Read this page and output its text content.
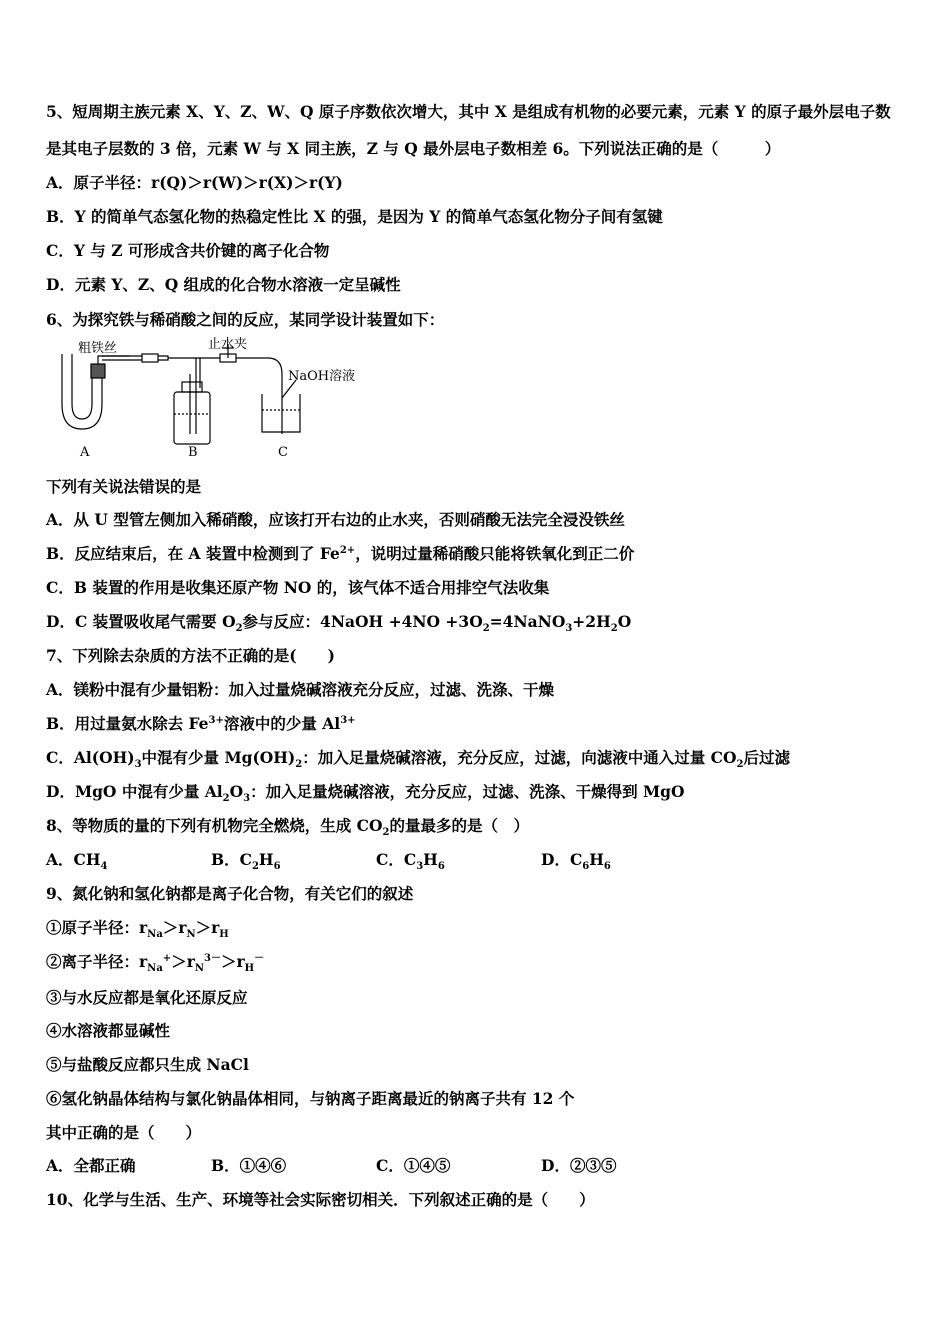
5、短周期主族元素 X、Y、Z、W、Q 原子序数依次增大，其中 X 是组成有机物的必要元素，元素 Y 的原子最外层电子数
是其电子层数的 3 倍，元素 W 与 X 同主族，Z 与 Q 最外层电子数相差 6。下列说法正确的是（　　　）
A．原子半径：r(Q)＞r(W)＞r(X)＞r(Y)
B．Y 的简单气态氢化物的热稳定性比 X 的强，是因为 Y 的简单气态氢化物分子间有氢键
C．Y 与 Z 可形成含共价键的离子化合物
D．元素 Y、Z、Q 组成的化合物水溶液一定呈碱性
6、为探究铁与稀硝酸之间的反应，某同学设计装置如下：
粗铁丝	止水夹
NaOH溶液
A	B	C
下列有关说法错误的是
A．从 U 型管左侧加入稀硝酸，应该打开右边的止水夹，否则硝酸无法完全浸没铁丝
B．反应结束后，在 A 装置中检测到了 $Fe^{2+}$，说明过量稀硝酸只能将铁氧化到正二价
C．B 装置的作用是收集还原产物 NO 的，该气体不适合用排空气法收集
D．C 装置吸收尾气需要 $O_2$参与反应：4NaOH $+4NO +3O_2=4NaNO_3+2H_2O$
7、下列除去杂质的方法不正确的是(　　)
A．镁粉中混有少量铝粉：加入过量烧碱溶液充分反应，过滤、洗涤、干燥
B．用过量氨水除去 $Fe^{3+}$溶液中的少量 $Al^{3+}$
C．$Al(OH)_3$中混有少量 $Mg(OH)_2$：加入足量烧碱溶液，充分反应，过滤，向滤液中通入过量 $CO_2$后过滤
D．MgO 中混有少量 $Al_2O_3$：加入足量烧碱溶液，充分反应，过滤、洗涤、干燥得到 MgO
8、等物质的量的下列有机物完全燃烧，生成 $CO_2$的量最多的是（　）
A．$CH_4$	B．$C_2H_6$	C．$C_3H_6$	D．$C_6H_6$
9、氮化钠和氢化钠都是离子化合物，有关它们的叙述
①原子半径：$r_{Na}>r_N>r_H$
②离子半径：$r_{Na}^+>r_N^{3-}>r_H^-$
③与水反应都是氧化还原反应
④水溶液都显碱性
⑤与盐酸反应都只生成 NaCl
⑥氢化钠晶体结构与氯化钠晶体相同，与钠离子距离最近的钠离子共有 12 个
其中正确的是（　　）
A．全都正确	B．①④⑥	C．①④⑤	D．②③⑤
10、化学与生活、生产、环境等社会实际密切相关．下列叙述正确的是（　　）
